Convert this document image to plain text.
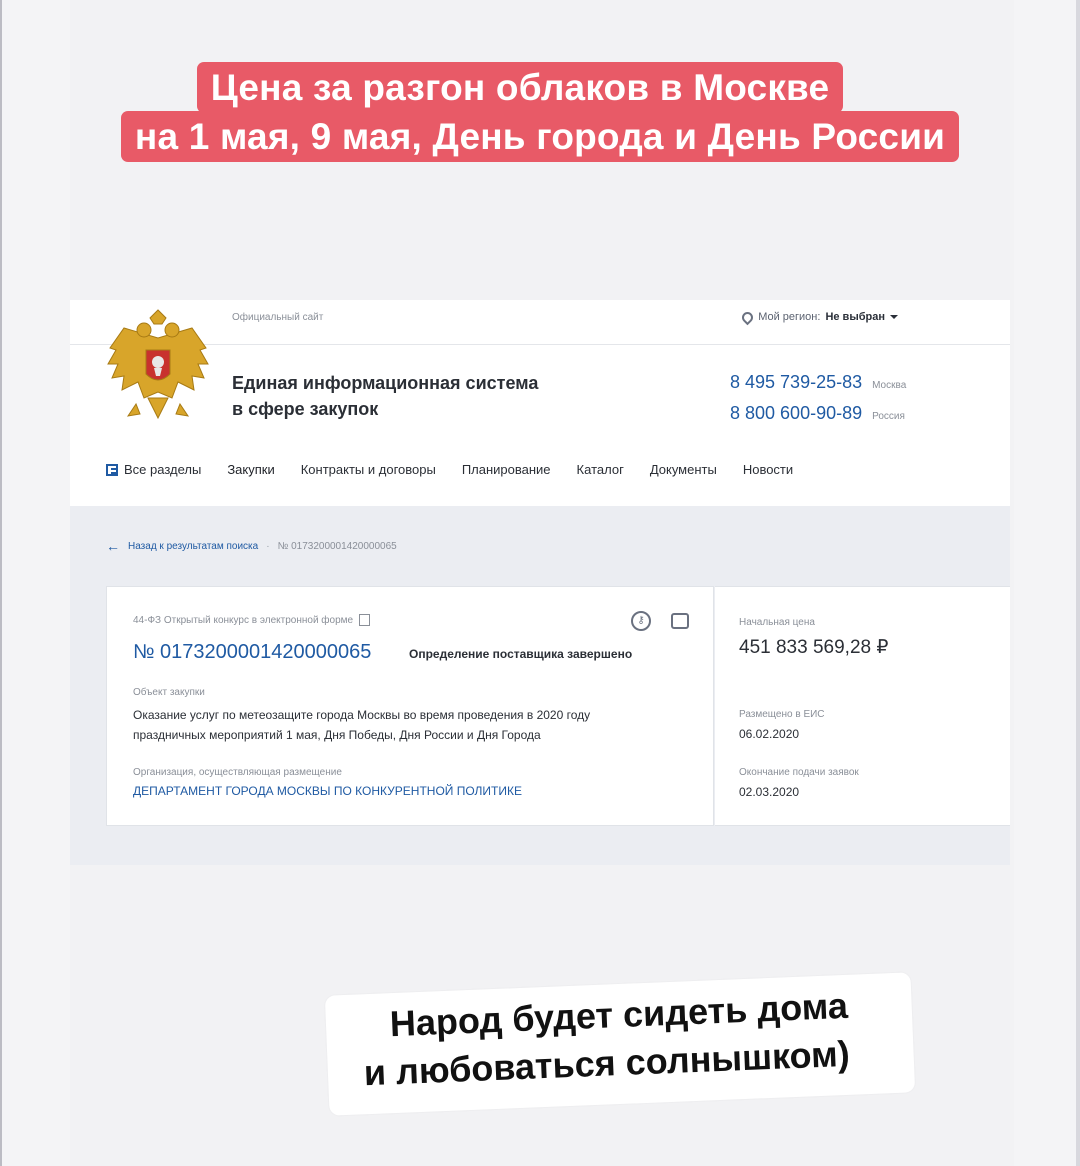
Цена за разгон облаков в Москве
на 1 мая, 9 мая, День города и День России
Официальный сайт	Мой регион: Не выбран
Единая информационная система
в сфере закупок
8 495 739-25-83 Москва
8 800 600-90-89 Россия
Все разделы Закупки Контракты и договоры Планирование Каталог Документы Новости
← Назад к результатам поиска · № 0173200001420000065
44-ФЗ Открытый конкурс в электронной форме	⚷
№ 0173200001420000065	Определение поставщика завершено
Объект закупки
Оказание услуг по метеозащите города Москвы во время проведения в 2020 году
праздничных мероприятий 1 мая, Дня Победы, Дня России и Дня Города
Организация, осуществляющая размещение
ДЕПАРТАМЕНТ ГОРОДА МОСКВЫ ПО КОНКУРЕНТНОЙ ПОЛИТИКЕ
Начальная цена
451 833 569,28 ₽
Размещено в ЕИС
06.02.2020
Окончание подачи заявок
02.03.2020
Народ будет сидеть дома
и любоваться солнышком)
